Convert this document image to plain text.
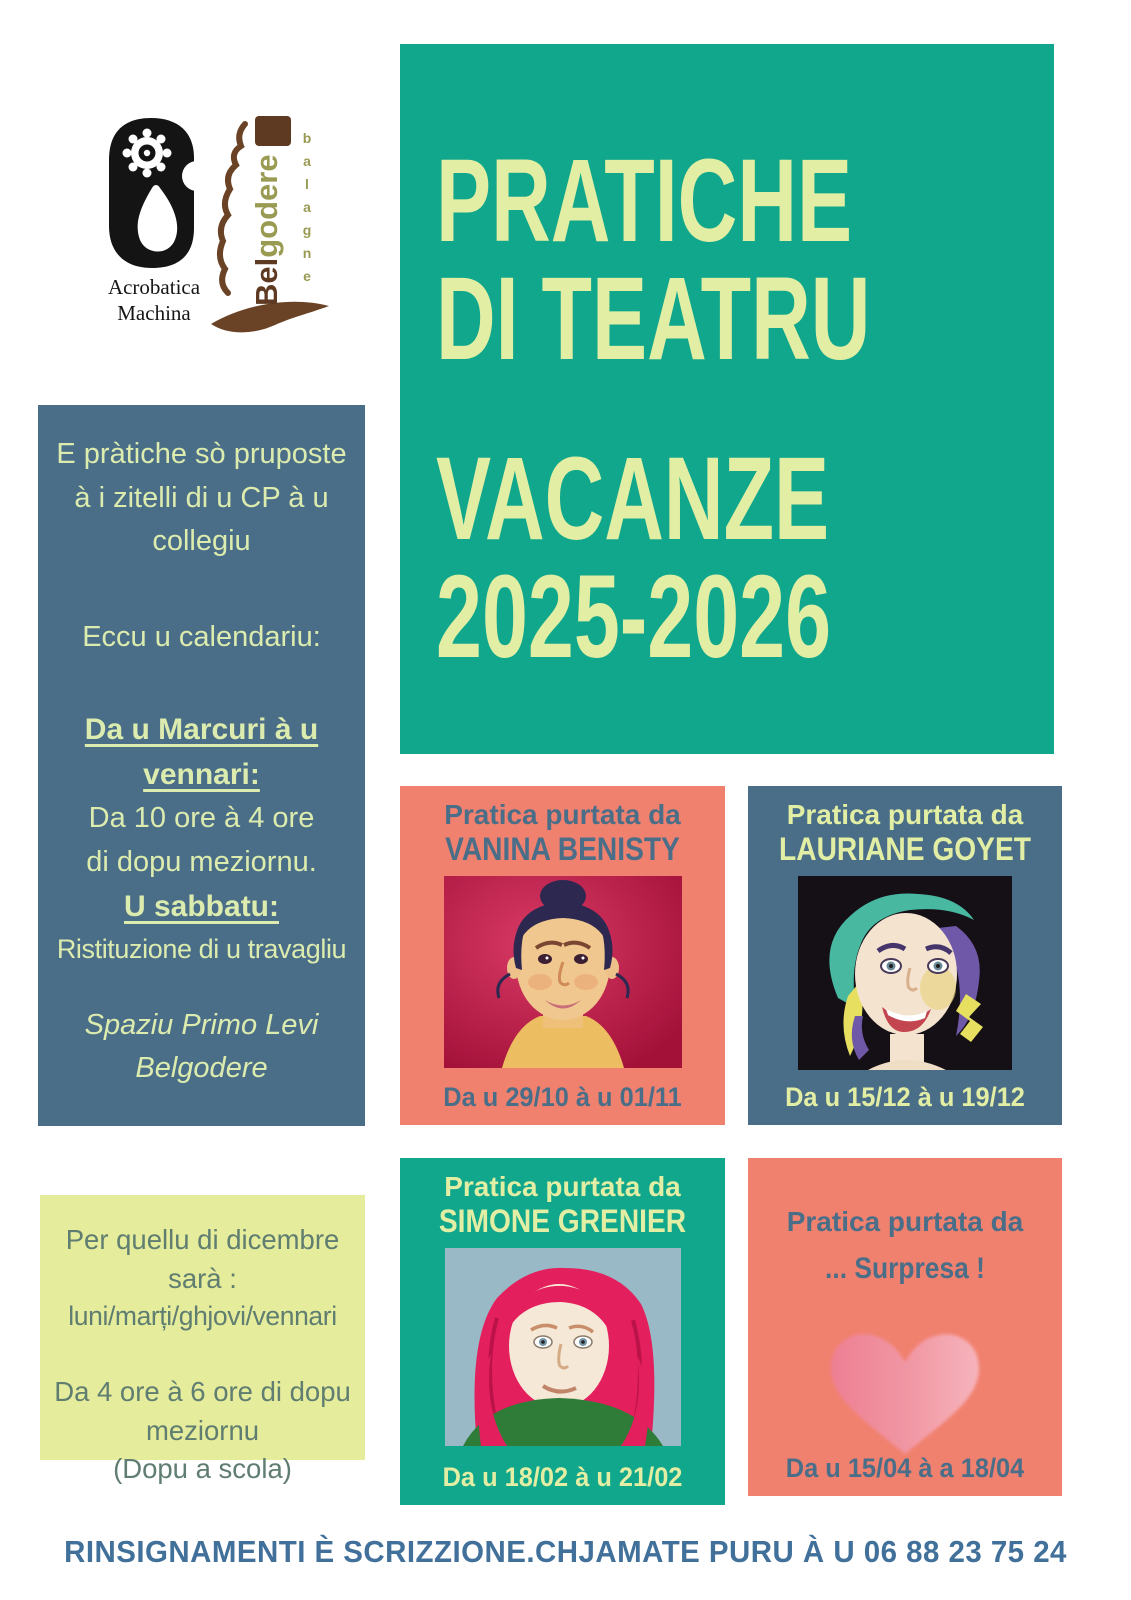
Belgodere balagne
Acrobatica
Machina
PRATICHE
DI TEATRU
VACANZE
2025-2026
E pràtiche sò pruposte
à i zitelli di u CP à u
collegiu
Eccu u calendariu:
Da u Marcuri à u vennari:
Da 10 ore à 4 ore
di dopu meziornu.
U sabbatu:
Ristituzione di u travagliu
Spaziu Primo Levi
Belgodere
Per quellu di dicembre
sarà :
luni/marți/ghjovi/vennari
Da 4 ore à 6 ore di dopu
meziornu
(Dopu a scola)
Pratica purtata da
VANINA BENISTY
Da u 29/10 à u 01/11
Pratica purtata da
LAURIANE GOYET
Da u 15/12 à u 19/12
Pratica purtata da
SIMONE GRENIER
Da u 18/02 à u 21/02
Pratica purtata da
... Surpresa !
Da u 15/04 à a 18/04
RINSIGNAMENTI È SCRIZZIONE.CHJAMATE PURU À U 06 88 23 75 24
